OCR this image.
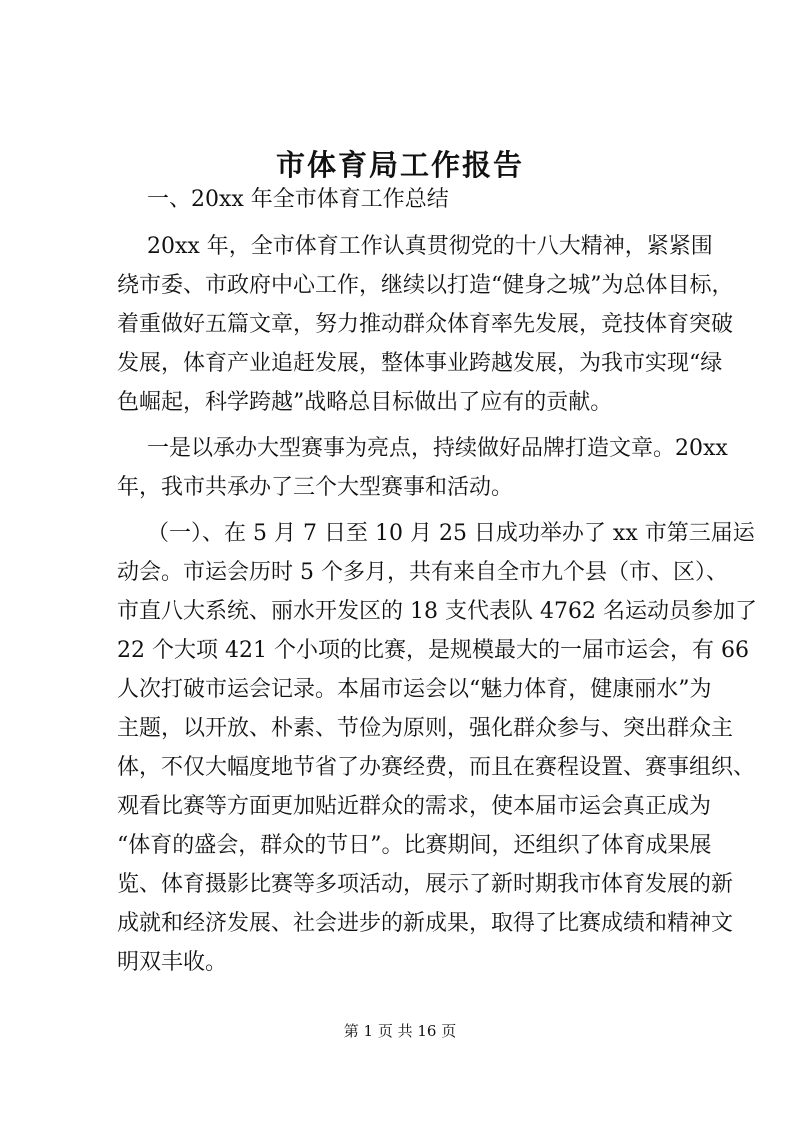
市体育局工作报告
一、20xx 年全市体育工作总结
20xx 年，全市体育工作认真贯彻党的十八大精神，紧紧围
绕市委、市政府中心工作，继续以打造“健身之城”为总体目标，
着重做好五篇文章，努力推动群众体育率先发展，竞技体育突破
发展，体育产业追赶发展，整体事业跨越发展，为我市实现“绿
色崛起，科学跨越”战略总目标做出了应有的贡献。
一是以承办大型赛事为亮点，持续做好品牌打造文章。20xx
年，我市共承办了三个大型赛事和活动。
（一）、在 5 月 7 日至 10 月 25 日成功举办了 xx 市第三届运
动会。市运会历时 5 个多月，共有来自全市九个县（市、区）、
市直八大系统、丽水开发区的 18 支代表队 4762 名运动员参加了
22 个大项 421 个小项的比赛，是规模最大的一届市运会，有 66
人次打破市运会记录。本届市运会以“魅力体育，健康丽水”为
主题，以开放、朴素、节俭为原则，强化群众参与、突出群众主
体，不仅大幅度地节省了办赛经费，而且在赛程设置、赛事组织、
观看比赛等方面更加贴近群众的需求，使本届市运会真正成为
“体育的盛会，群众的节日”。比赛期间，还组织了体育成果展
览、体育摄影比赛等多项活动，展示了新时期我市体育发展的新
成就和经济发展、社会进步的新成果，取得了比赛成绩和精神文
明双丰收。
第 1 页 共 16 页
